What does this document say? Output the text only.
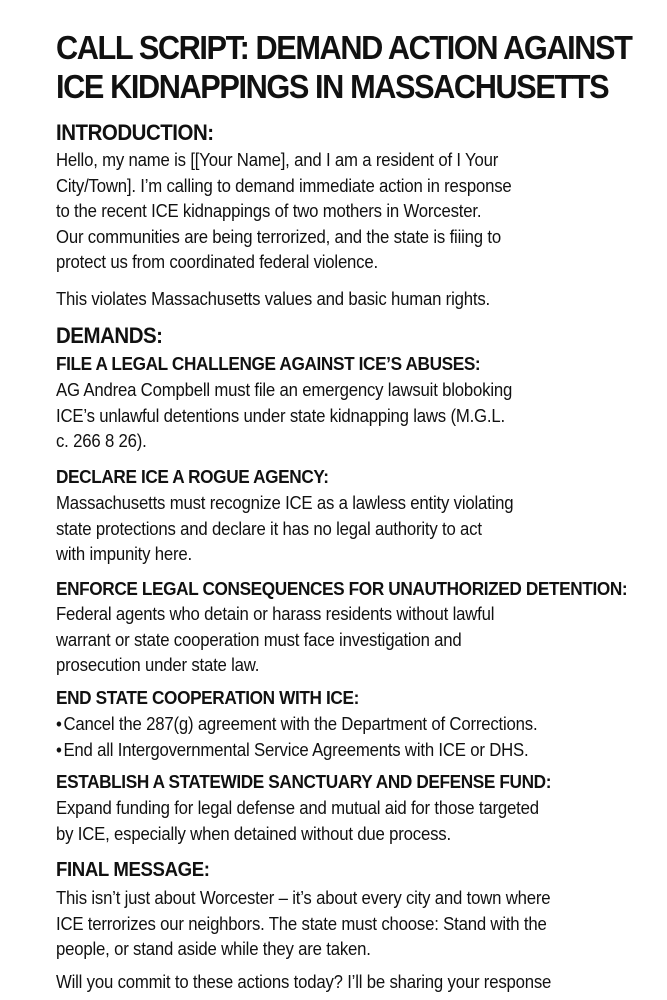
CALL SCRIPT: DEMAND ACTION AGAINST
ICE KIDNAPPINGS IN MASSACHUSETTS
INTRODUCTION:

Hello, my name is [[Your Name], and I am a resident of I Your
City/Town]. I’m calling to demand immediate action in response
to the recent ICE kidnappings of two mothers in Worcester.
Our communities are being terrorized, and the state is fiiing to
protect us from coordinated federal violence.

This violates Massachusetts values and basic human rights.

DEMANDS:
FILE A LEGAL CHALLENGE AGAINST ICE’S ABUSES:

AG Andrea Compbell must file an emergency lawsuit bloboking
ICE’s unlawful detentions under state kidnapping laws (M.G.L.
c. 266 8 26).

DECLARE ICE A ROGUE AGENCY:

Massachusetts must recognize ICE as a lawless entity violating
state protections and declare it has no legal authority to act
with impunity here.

ENFORCE LEGAL CONSEQUENCES FOR UNAUTHORIZED DETENTION:

Federal agents who detain or harass residents without lawful
warrant or state cooperation must face investigation and
prosecution under state law.

END STATE COOPERATION WITH ICE:
•Cancel the 287(g) agreement with the Department of Corrections.
•End all Intergovernmental Service Agreements with ICE or DHS.
ESTABLISH A STATEWIDE SANCTUARY AND DEFENSE FUND:

Expand funding for legal defense and mutual aid for those targeted
by ICE, especially when detained without due process.

FINAL MESSAGE:

This isn’t just about Worcester – it’s about every city and town where
ICE terrorizes our neighbors. The state must choose: Stand with the
people, or stand aside while they are taken.

Will you commit to these actions today? I’ll be sharing your response
